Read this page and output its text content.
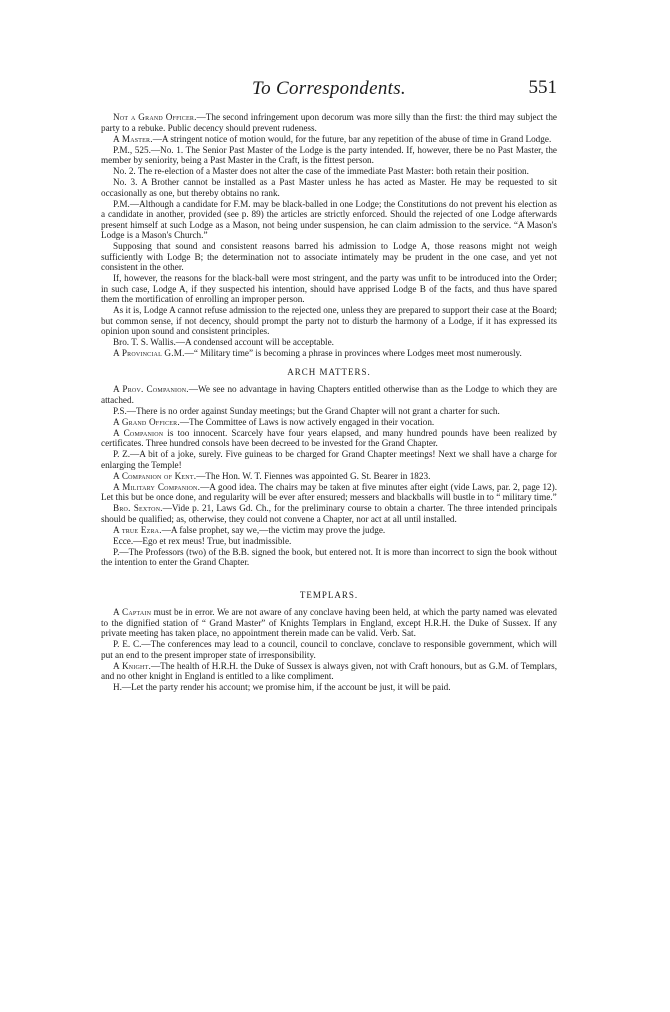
To Correspondents.	551

Not a Grand Officer.—The second infringement upon decorum was more silly than the first: the third may subject the party to a rebuke. Public decency should prevent rudeness.

A Master.—A stringent notice of motion would, for the future, bar any repetition of the abuse of time in Grand Lodge.

P.M., 525.—No. 1. The Senior Past Master of the Lodge is the party intended. If, however, there be no Past Master, the member by seniority, being a Past Master in the Craft, is the fittest person.

No. 2. The re-election of a Master does not alter the case of the immediate Past Master: both retain their position.

No. 3. A Brother cannot be installed as a Past Master unless he has acted as Master. He may be requested to sit occasionally as one, but thereby obtains no rank.

P.M.—Although a candidate for F.M. may be black-balled in one Lodge; the Constitutions do not prevent his election as a candidate in another, provided (see p. 89) the articles are strictly enforced. Should the rejected of one Lodge afterwards present himself at such Lodge as a Mason, not being under suspension, he can claim admission to the service. “A Mason's Lodge is a Mason's Church.”

Supposing that sound and consistent reasons barred his admission to Lodge A, those reasons might not weigh sufficiently with Lodge B; the determination not to associate intimately may be prudent in the one case, and yet not consistent in the other.

If, however, the reasons for the black-ball were most stringent, and the party was unfit to be introduced into the Order; in such case, Lodge A, if they suspected his intention, should have apprised Lodge B of the facts, and thus have spared them the mortification of enrolling an improper person.

As it is, Lodge A cannot refuse admission to the rejected one, unless they are prepared to support their case at the Board; but common sense, if not decency, should prompt the party not to disturb the harmony of a Lodge, if it has expressed its opinion upon sound and consistent principles.

Bro. T. S. Wallis.—A condensed account will be acceptable.

A Provincial G.M.—“ Military time” is becoming a phrase in provinces where Lodges meet most numerously.

ARCH MATTERS.

A Prov. Companion.—We see no advantage in having Chapters entitled otherwise than as the Lodge to which they are attached.

P.S.—There is no order against Sunday meetings; but the Grand Chapter will not grant a charter for such.

A Grand Officer.—The Committee of Laws is now actively engaged in their vocation.

A Companion is too innocent. Scarcely have four years elapsed, and many hundred pounds have been realized by certificates. Three hundred consols have been decreed to be invested for the Grand Chapter.

P. Z.—A bit of a joke, surely. Five guineas to be charged for Grand Chapter meetings! Next we shall have a charge for enlarging the Temple!

A Companion of Kent.—The Hon. W. T. Fiennes was appointed G. St. Bearer in 1823.

A Military Companion.—A good idea. The chairs may be taken at five minutes after eight (vide Laws, par. 2, page 12). Let this but be once done, and regularity will be ever after ensured; messers and blackballs will bustle in to “ military time.”

Bro. Sexton.—Vide p. 21, Laws Gd. Ch., for the preliminary course to obtain a charter. The three intended principals should be qualified; as, otherwise, they could not convene a Chapter, nor act at all until installed.

A true Ezra.—A false prophet, say we,—the victim may prove the judge.

Ecce.—Ego et rex meus! True, but inadmissible.

P.—The Professors (two) of the B.B. signed the book, but entered not. It is more than incorrect to sign the book without the intention to enter the Grand Chapter.

TEMPLARS.

A Captain must be in error. We are not aware of any conclave having been held, at which the party named was elevated to the dignified station of “ Grand Master” of Knights Templars in England, except H.R.H. the Duke of Sussex. If any private meeting has taken place, no appointment therein made can be valid. Verb. Sat.

P. E. C.—The conferences may lead to a council, council to conclave, conclave to responsible government, which will put an end to the present improper state of irresponsibility.

A Knight.—The health of H.R.H. the Duke of Sussex is always given, not with Craft honours, but as G.M. of Templars, and no other knight in England is entitled to a like compliment.

H.—Let the party render his account; we promise him, if the account be just, it will be paid.
